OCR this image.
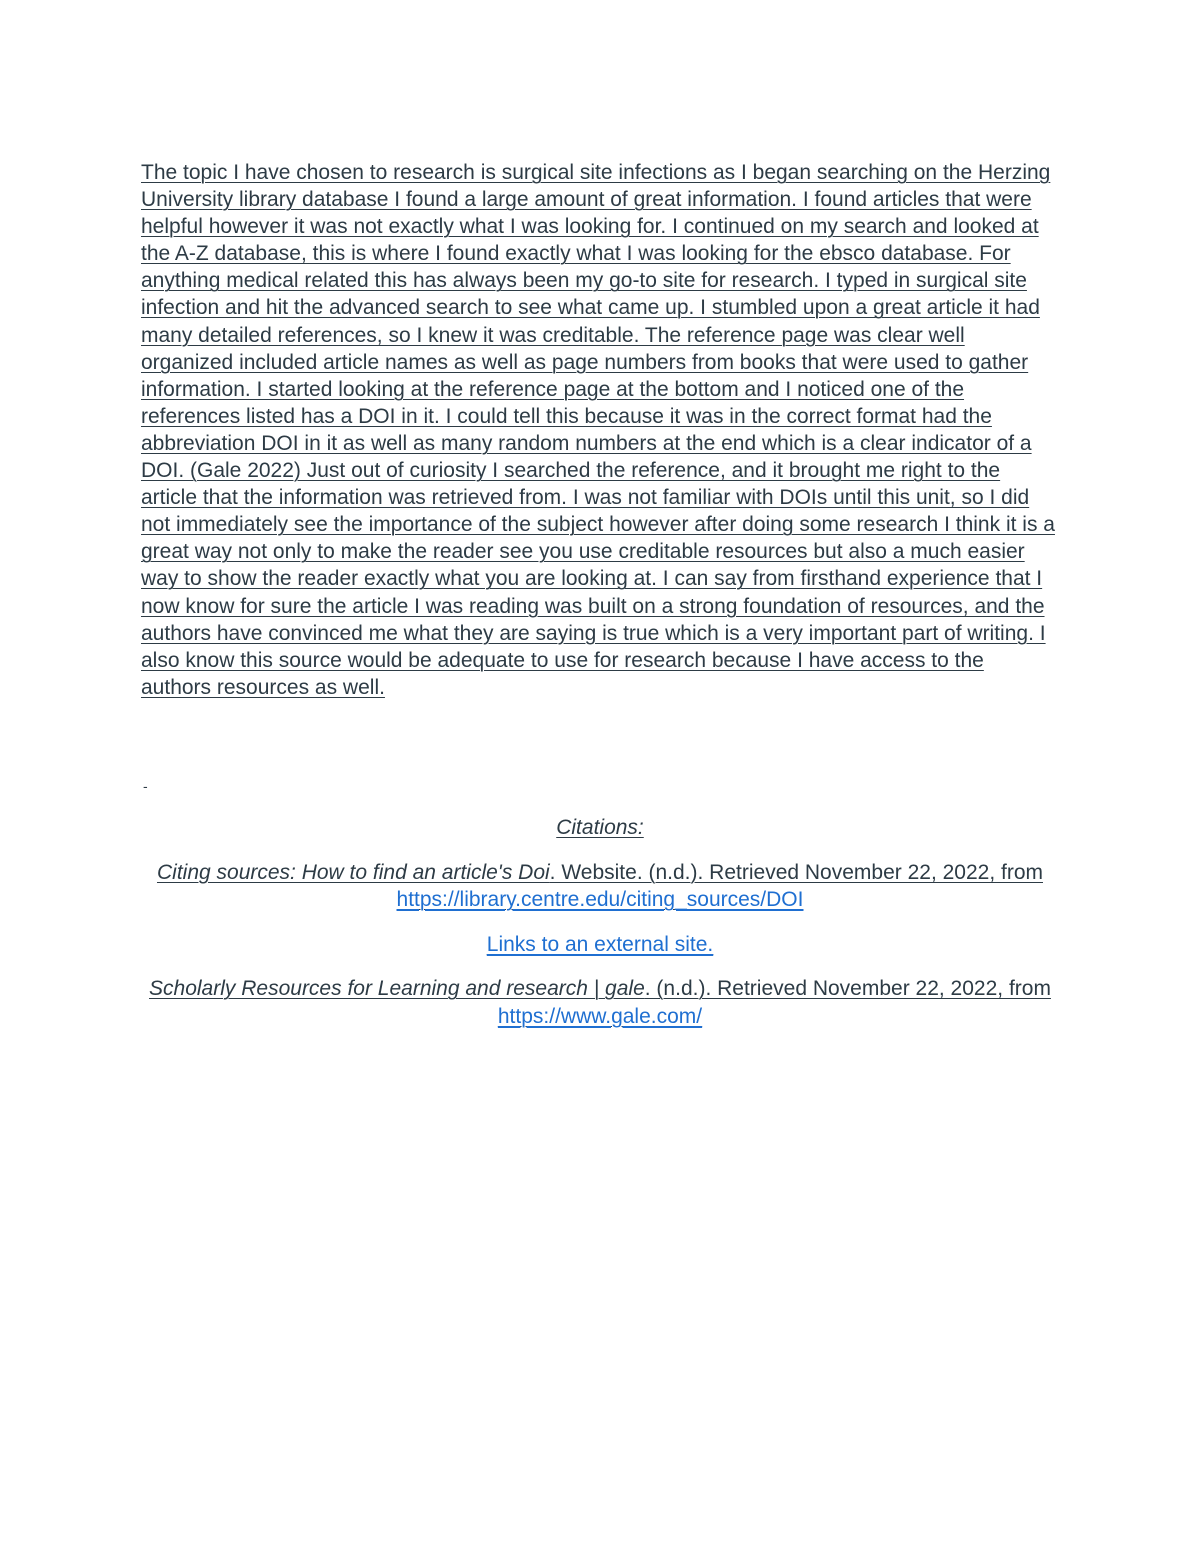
The topic I have chosen to research is surgical site infections as I began searching on the Herzing University library database I found a large amount of great information. I found articles that were helpful however it was not exactly what I was looking for. I continued on my search and looked at the A-Z database, this is where I found exactly what I was looking for the ebsco database. For anything medical related this has always been my go-to site for research. I typed in surgical site infection and hit the advanced search to see what came up. I stumbled upon a great article it had many detailed references, so I knew it was creditable. The reference page was clear well organized included article names as well as page numbers from books that were used to gather information. I started looking at the reference page at the bottom and I noticed one of the references listed has a DOI in it. I could tell this because it was in the correct format had the abbreviation DOI in it as well as many random numbers at the end which is a clear indicator of a DOI. (Gale 2022) Just out of curiosity I searched the reference, and it brought me right to the article that the information was retrieved from. I was not familiar with DOIs until this unit, so I did not immediately see the importance of the subject however after doing some research I think it is a great way not only to make the reader see you use creditable resources but also a much easier way to show the reader exactly what you are looking at. I can say from firsthand experience that I now know for sure the article I was reading was built on a strong foundation of resources, and the authors have convinced me what they are saying is true which is a very important part of writing. I also know this source would be adequate to use for research because I have access to the authors resources as well.

-

Citations:

Citing sources: How to find an article's Doi. Website. (n.d.). Retrieved November 22, 2022, from https://library.centre.edu/citing_sources/DOI

Links to an external site.

Scholarly Resources for Learning and research | gale. (n.d.). Retrieved November 22, 2022, from https://www.gale.com/
